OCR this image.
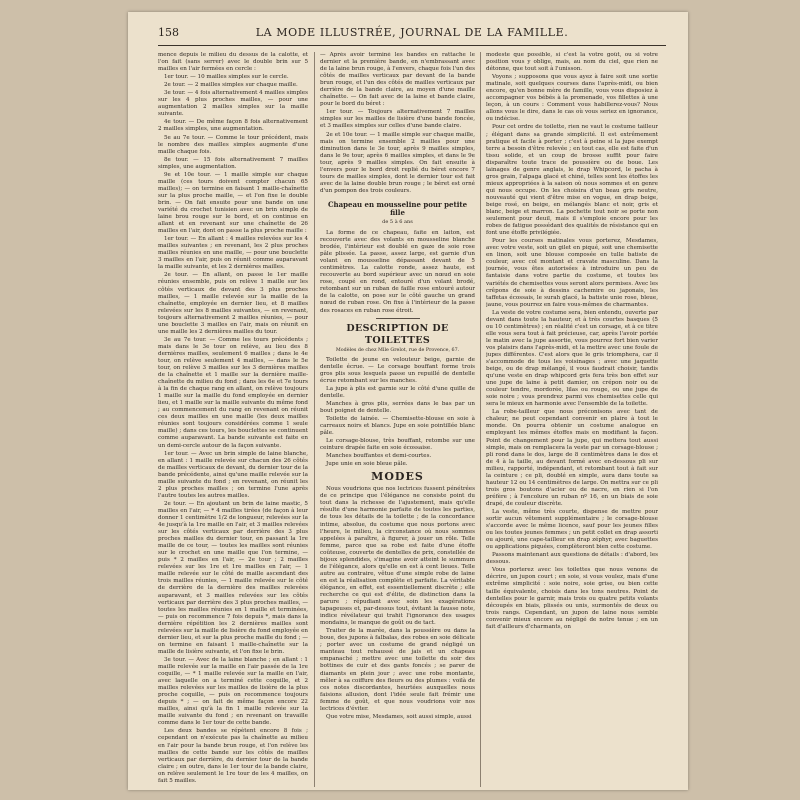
158	LA MODE ILLUSTRÉE, JOURNAL DE LA FAMILLE.

mence depuis le milieu du dessus de la calotte, et l'on fait (sans serrer) avec le double brin sur 5 mailles en l'air fermées en cercle :

1er tour. — 10 mailles simples sur le cercle.

2e tour. — 2 mailles simples sur chaque maille.

3e tour. — 4 fois alternativement 4 mailles simples sur les 4 plus proches mailles, — pour une augmentation 2 mailles simples sur la maille suivante.

4e tour. — De même façon 8 fois alternativement 2 mailles simples, une augmentation.

5e au 7e tour. — Comme le tour précédent, mais le nombre des mailles simples augmente d'une maille chaque fois.

8e tour. — 15 fois alternativement 7 mailles simples, une augmentation.

9e et 10e tour. — 1 maille simple sur chaque maille (ces tours doivent compter chacun 65 mailles); — on termine en faisant 1 maille-chaînette sur la plus proche maille, — et l'on fixe le double brin. — On fait ensuite pour une bande on une variété du crochet tunisien avec un brin simple de laine brou rouge sur le bord, et on continue en allant et en revenant sur une chaînette de 26 mailles en l'air, dont on passe la plus proche maille :

1er tour. — En allant : 4 mailles relevées sur les 4 mailles suivantes ; en revenant, les 2 plus proches mailles réunies en une maille, — pour une bouclette 3 mailles en l'air, puis on réunit comme auparavant la maille suivante, et les 2 dernières mailles.

2e tour. — En allant, on passe le 1er maille réunies ensemble, puis on relève 1 maille sur les côtés verticaux de devant des 3 plus proches mailles, — 1 maille relevée sur la maille de la chaînette, employée en dernier lieu, et 8 mailles relevées sur les 8 mailles suivantes, — en revenant, toujours alternativement 2 mailles réunies, — pour une bouclette 3 mailles en l'air, mais on réunit en une maille les 2 dernières mailles du tour.

3e au 7e tour. — Comme les tours précédents ; mais dans le 3e tour on relève, au lieu des 8 dernières mailles, seulement 6 mailles ; dans le 4e tour, on relève seulement 4 mailles, — dans le 5e tour, on relève 3 mailles sur les 3 dernières mailles de la chaînette et 1 maille sur la dernière maille-chaînette du milieu du fond ; dans les 6e et 7e tours à la fin de chaque rang en allant, on relève toujours 1 maille sur la maille du fond employée en dernier lieu, et 1 maille sur la maille suivante du même fond ; au commencement du rang en revenant on réunit ces deux mailles en une maille (les deux mailles réunies sont toujours considérées comme 1 seule maille) ; dans ces tours, les bouclettes se continuent comme auparavant. La bande suivante est faite en un demi-cercle autour de la façon suivante.

1er tour. — Avec un brin simple de laine blanche, en allant : 1 maille relevée sur chacun des 26 côtés de mailles verticaux de devant, du dernier tour de la bande précédente, ainsi qu'une maille relevée sur la maille suivante du fond ; en revenant, on réunit les 2 plus proches mailles ; on termine l'une après l'autre toutes les autres mailles.

2e tour. — En ajoutant un brin de laine mastic, 5 mailles en l'air, — * 4 mailles tirées (de façon à leur donner 1 centimètre 1/2 de longueur, relevées sur la 4e jusqu'à la 1re maille en l'air, et 3 mailles relevées sur les côtés verticaux par derrière des 3 plus proches mailles du dernier tour, en passant la 1re maille de ce tour, — toutes les mailles sont réunies sur le crochet en une maille que l'on termine, — puis * 2 mailles en l'air, — 2e tour ; 2 mailles relevées sur les 1re et 1re mailles en l'air, — 1 maille relevée sur le côté de maille ascendant des trois mailles réunies, — 1 maille relevée sur le côté de derrière de la dernière des mailles relevées auparavant, et 3 mailles relevées sur les côtés verticaux par derrière des 3 plus proches mailles, — toutes les mailles réunies en 1 maille et terminées, — puis on recommence 7 fois depuis *, mais dans la dernière répétition les 2 dernières mailles sont relevées sur la maille de lisière du fond employée en dernier lieu, et sur la plus proche maille du fond ; — on termine en faisant 1 maille-chaînette sur la maille de lisière suivante, et l'on fixe le brin.

3e tour. — Avec de la laine blanche ; en allant : 1 maille relevée sur la maille en l'air passée de la 1re coquille, — * 1 maille relevée sur la maille en l'air, avec laquelle on a terminé cette coquille, et 2 mailles relevées sur les mailles de lisière de la plus proche coquille, — puis on recommence toujours depuis * ; — on fait de même façon encore 22 mailles, ainsi qu'à la fin 1 maille relevée sur la maille suivante du fond ; en revenant on travaille comme dans le 1er tour de cette bande.

Les deux bandes se répètent encore 8 fois ; cependant on n'exécute pas la chaînette au milieu en l'air pour la bande brun rouge, et l'on relève les mailles de cette bande sur les côtés de mailles verticaux par derrière, du dernier tour de la bande claire ; en outre, dans le 1er tour de la bande claire, on relève seulement le 1re tour de les 4 mailles, on fait 5 mailles.

— Après avoir terminé les bandes en rattache le dernier et la première bande, en n'embrassant avec de la laine brun rouge, à l'envers, chaque fois l'un des côtés de mailles verticaux par devant de la bande brun rouge, et l'un des côtés de mailles verticaux par derrière de la bande claire, au moyen d'une maille chaînette. — On fait avec de la laine et bande claire, pour le bord du béret :

1er tour. — Toujours alternativement 7 mailles simples sur les mailles de lisière d'une bande foncée, et 3 mailles simples sur celles d'une bande claire.

2e et 10e tour. — 1 maille simple sur chaque maille, mais on termine ensemble 2 mailles pour une diminution dans le 3e tour, après 9 mailles simples, dans le 9e tour, après 6 mailles simples, et dans le 9e tour, après 9 mailles simples. On fait ensuite à l'envers pour le bord droit replié du béret encore 7 tours de mailles simples, dont le dernier tour est fait avec de la laine double brun rouge ; le béret est orné d'un pompon des trois couleurs.

Chapeau en mousseline pour petite fille
de 5 à 6 ans

La forme de ce chapeau, faite en laiton, est recouverte avec des volants en mousseline blanche brodée, l'intérieur est doublé en gaze de soie rose pâle plissée. La passe, assez large, est garnie d'un volant en mousseline dépassant devant de 5 centimètres. La calotte ronde, assez haute, est recouverte au bord supérieur avec un nœud en soie rose, coupé en rond, entouré d'un volant brodé, retombant sur un ruban de faille rose entouré autour de la calotte, on pose sur le côté gauche un grand nœud de ruban rose. On fixe à l'intérieur de la passe des rosaces en ruban rose étroit.

DESCRIPTION DE TOILETTES
Modèles de chez Mlle Grelot, rue de Provence, 67.

Toilette de jeune en velouteur beige, garnie de dentelle écrue. — Le corsage bouffant forme trois gros plis sous lesquels passe un repuillé de dentelle écrue retombant sur les manches.

La jupe à plis est garnie sur le côté d'une quille de dentelle.

Manches à gros plis, serrées dans le bas par un bout poignet de dentelle.

Toilette de lainée. — Chemisette-blouse en soie à carreaux noirs et blancs. Jupe en soie pointillée blanc pâle.

Le corsage-blouse, très bouffant, retombe sur une ceinture drapée faite en soie écossaise.

Manches bouffantes et demi-courtes.

Jupe unie en soie bleue pâle.

MODES

Nous voudrions que nos lectrices fussent pénétrées de ce principe que l'élégance ne consiste point du tout dans la richesse de l'ajustement, mais qu'elle résulte d'une harmonie parfaite de toutes les parties, de tous les détails de la toilette ; de la concordance intime, absolue, du costume que nous portons avec l'heure, le milieu, la circonstance où nous sommes appelées à paraître, à figurer, à jouer un rôle. Telle femme, parce que sa robe est faite d'une étoffe coûteuse, couverte de dentelles de prix, constellée de bijoux splendides, s'imagine avoir atteint le summum de l'élégance, alors qu'elle en est à cent lieues. Telle autre au contraire, vêtue d'une simple robe de laine en est la réalisation complète et parfaite. La véritable élégance, en effet, est essentiellement discrète ; elle recherche ce qui est d'élite, de distinction dans la parure ; répudiant avec soin les exagérations tapageuses et, par-dessus tout, évitant la fausse note, indice révélateur qui trahit l'ignorance des usages mondains, le manque de goût ou de tact.

Traiter de la marée, dans la poussière ou dans la boue, des jupons à falbalas, des robes en soie délicate ; porter avec un costume de grand négligé un manteau tout rehaussé de jais et un chapeau empanaché ; mettre avec une toilette du soir des bottines de cuir et des gants foncés ; se parer de diamants en plein jour ; avec une robe montante, mêler à sa coiffure des fleurs ou des plumes : voilà de ces notes discordantes, heurtées auxquelles nous faisions allusion, dont l'idée seule fait frémir une femme de goût, et que nous voudrions voir nos lectrices d'éviter.

Que votre mise, Mesdames, soit aussi simple, aussi

modeste que possible, si c'est la votre goût, ou si votre position vous y oblige, mais, au nom du ciel, que rien ne détonne, que tout soit à l'unisson.

Voyons ; supposons que vous ayez à faire soit une sortie matinale, soit quelques courses dans l'après-midi, ou bien encore, qu'en bonne mère de famille, vous vous disposiez à accompagner vos bébés à la promenade, vos fillettes à une leçon, à un cours : Comment vous habillerez-vous? Nous allons vous le dire, dans le cas où vous seriez en ignorance, ou indécise.

Pour cet ordre de toilette, rien ne vaut le costume tailleur ; élégant dans sa grande simplicité. Il est extrêmement pratique et facile à porter ; c'est à peine si la jupe exempt terre a besoin d'être relevée ; en tout cas, elle est faite d'un tissu solide, et un coup de brosse suffit pour faire disparaître toute trace de poussière ou de boue. Les lainages de genre anglais, le drap Whipcord, le pacha à gros grain, l'alpaga glacé et chiné, telles sont les étoffes les mieux appropriées à la saison où nous sommes et en genre qui nous occupe. On les choisira d'un beau gris neutre, nouveauté qui vient d'être mise en vogue, en drap beige, beige rosé, en beige, en mélangés blanc et noir, gris et blanc, beige et marron. La pochette tout noir se porte non seulement pour deuil, mais il s'emploie encore pour les robes de fatigue possédant des qualités de résistance qui en font une étoffe privilégiée.

Pour les courses matinales vous porterez, Mesdames, avec votre veste, soit un gilet en piqué, soit une chemisette en linon, soit une blouse composée en tulle batiste de couleur, avec col montant et cravate masculine. Dans la journée, vous êtes autorisées à introduire un peu de fantaisie dans votre partie du costume, et toutes les variétés de chemisettes vous seront alors permises. Avec les crêpons de soie à dessins cachemire ou japonais, les taffetas écossais, le surah glacé, la batiste unie rose, bleue, jaune, vous pourrez en faire vous-mêmes de charmantes.

La veste de votre costume sera, bien entendu, ouverte par devant dans toute la hauteur, et à très courtes basques (5 ou 10 centimètres) ; en réalité c'est un corsage, et à ce titre elle vous sera tout à fait précieuse, car, après l'avoir portée le matin avec la jupe assortie, vous pourrez fort bien varier vos plaisirs dans l'après-midi, et la mettre avec une foule de jupes différentes. C'est alors que le gris triomphera, car il s'accommode de tous les voisinages ; avec une jaquette beige, ou de drap mélangé, il vous faudrait choisir, tandis qu'une veste en drap whipcord gris fera très bon effet sur une jupe de laine à petit damier, on crépon noir ou de couleur tendre, mordorée, lilas ou rouge, ou une jupe de soie noire ; vous prendrez parmi vos chemisettes celle qui sera le mieux en harmonie avec l'ensemble de la toilette.

La robe-tailleur que nous préconisons avec tant de chaleur, ne peut cependant convenir en plaire à tout le monde. On pourra obtenir un costume analogue en employant les mêmes étoffes mais en modifiant la façon. Point de changement pour la jupe, qui mettera tout aussi simple, mais on remplacera la veste par un corsage-blouse ; pli rond dans le dos, large de 8 centimètres dans le dos et de 4 à la taille, au devant formé avec en-dessous pli sur milieu, rapporté, indépendant, et retombant tout à fait sur la ceinture ; ce pli, doublé en simple, aura dans toute sa hauteur 12 ou 14 centimètres de large. On mettra sur ce pli trois gros boutons d'acier ou de nacre, en rien si l'on préfère ; à l'encolure un ruban nº 16, en un biais de soie drapé, de couleur discrète.

La veste, même très courte, dispense de mettre pour sortir aucun vêtement supplémentaire ; le corsage-blouse s'accorde avec le même licence, sauf pour les jeunes filles ou les toutes jeunes femmes ; un petit collet en drap assorti ou ajouré, une cape-tailleur en drap zéphyr, avec baguettes ou applications piquées, complèteront bien cette costume.

Passons maintenant aux questions de détails : d'abord, les dessous.

Vous porterez avec les toilettes que nous venons de décrire, un jupon court ; en soie, si vous voulez, mais d'une extrême simplicité : soie noire, soie grise, ou bien cette taille équivalente, choisis dans les tons neutres. Point de dentelles pour le garnir, mais trois ou quatre petits volants découpés en biais, plissés ou unis, surmontés de deux ou trois rangs. Cependant, un jupon de laine nous semble convenir mieux encore au négligé de notre tenue ; en un fait d'ailleurs d'charmants, on
